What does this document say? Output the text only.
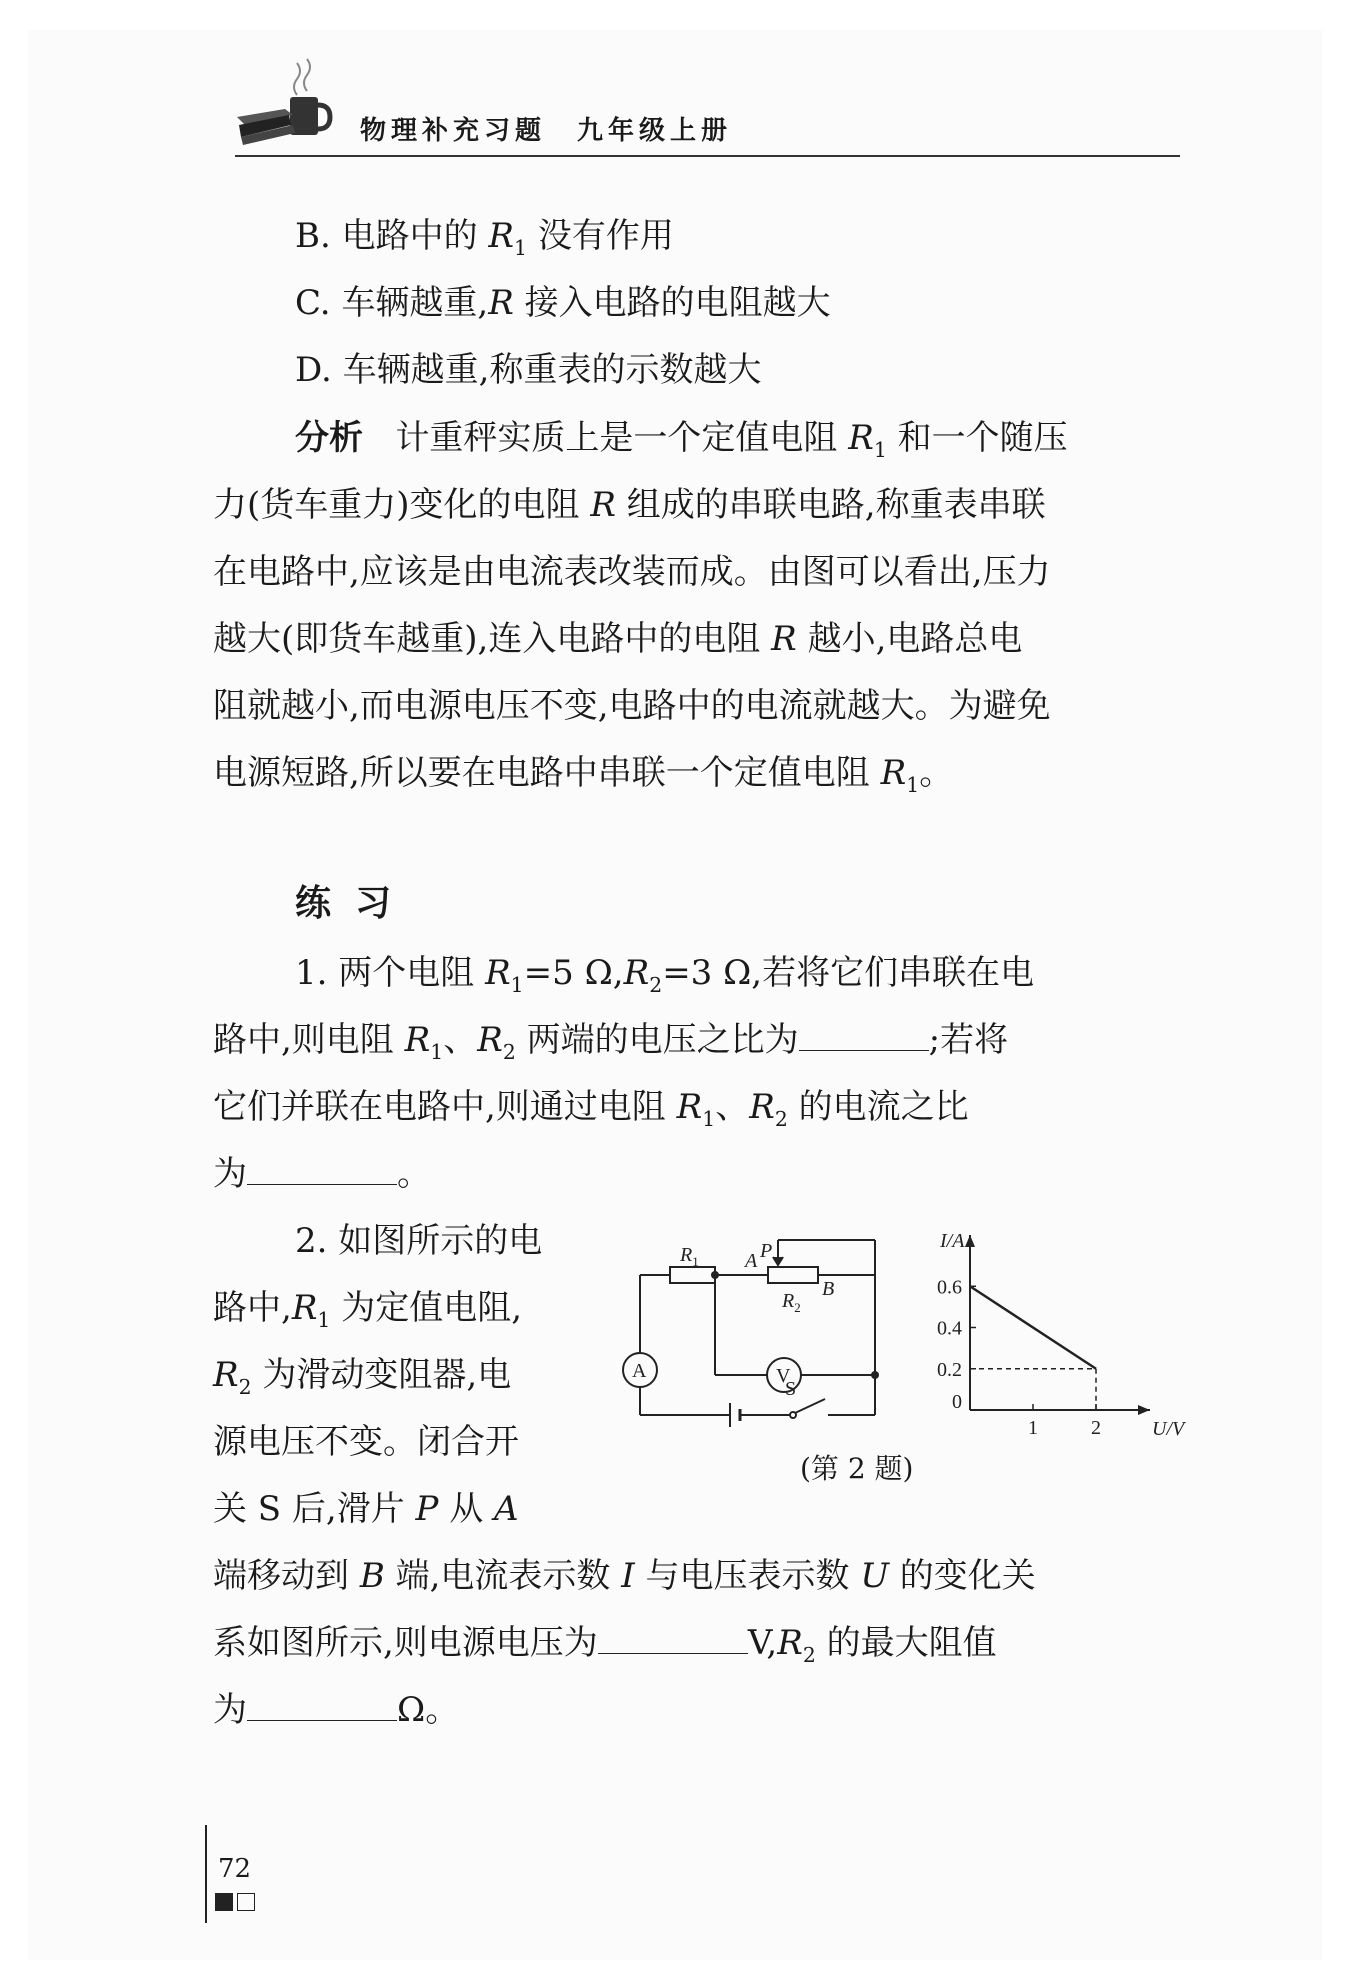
物理补充习题　九年级上册
B. 电路中的 $R_1$ 没有作用
C. 车辆越重,R 接入电路的电阻越大
D. 车辆越重,称重表的示数越大
分析 计重秤实质上是一个定值电阻 $R_1$ 和一个随压
力(货车重力)变化的电阻 R 组成的串联电路,称重表串联
在电路中,应该是由电流表改装而成。由图可以看出,压力
越大(即货车越重),连入电路中的电阻 R 越小,电路总电
阻就越小,而电源电压不变,电路中的电流就越大。为避免
电源短路,所以要在电路中串联一个定值电阻 $R_1$。
练习
1. 两个电阻 $R_1=5$ $\Omega,R_2=3$ Ω,若将它们串联在电
路中,则电阻 $R_1$、$R_2$ 两端的电压之比为	;若将
它们并联在电路中,则通过电阻 $R_1$、$R_2$ 的电流之比
为	。
2. 如图所示的电
路中$,R_1$ 为定值电阻,
$R_2$ 为滑动变阻器,电
源电压不变。闭合开
关 S 后,滑片 P 从 A
端移动到 B 端,电流表示数 I 与电压表示数 U 的变化关
系如图所示,则电源电压为	$V,R_2$ 的最大阻值
为	Ω。
$R_1$ A P
B
$R_2$
A	V
S
I/A
U/V
0.6
0.4
0.2
0
1	2
(第 2 题)
72
